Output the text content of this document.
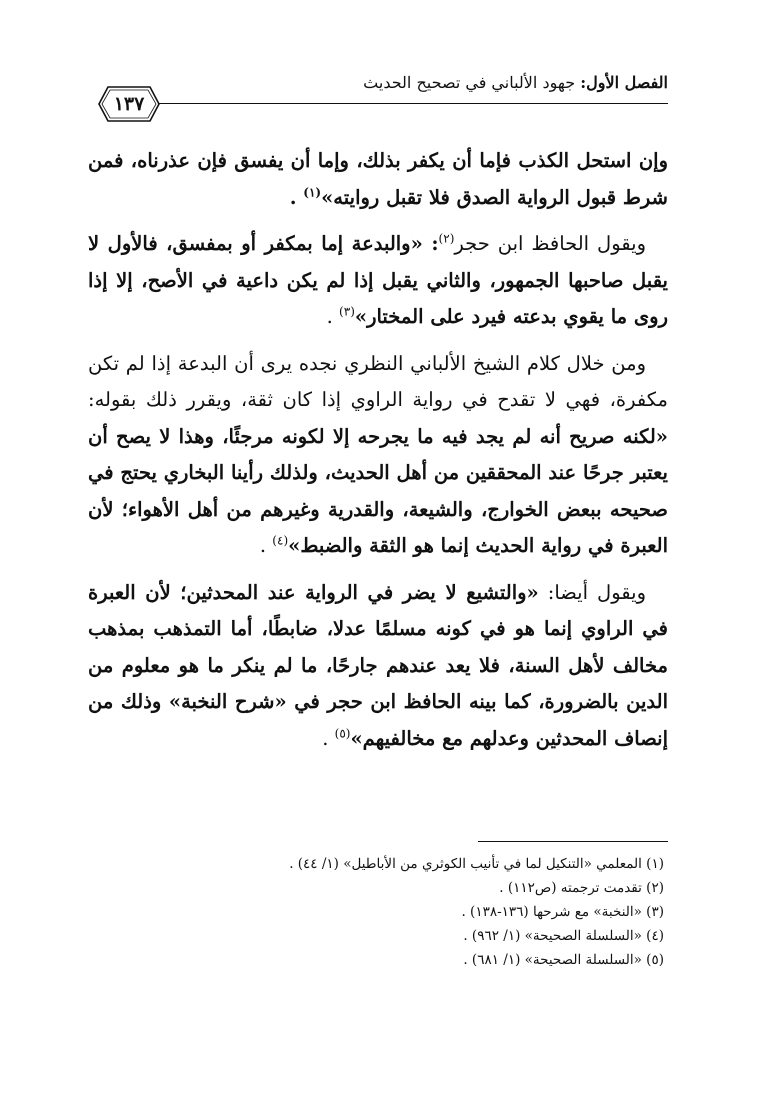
الفصل الأول: جهود الألباني في تصحيح الحديث
١٣٧

وإن استحل الكذب فإما أن يكفر بذلك، وإما أن يفسق فإن عذرناه، فمن شرط قبول الرواية الصدق فلا تقبل روايته»$^{(١)}$ .

ويقول الحافظ ابن حجر$^{(٢)}$: «والبدعة إما بمكفر أو بمفسق، فالأول لا يقبل صاحبها الجمهور، والثاني يقبل إذا لم يكن داعية في الأصح، إلا إذا روى ما يقوي بدعته فيرد على المختار»$^{(٣)}$ .

ومن خلال كلام الشيخ الألباني النظري نجده يرى أن البدعة إذا لم تكن مكفرة، فهي لا تقدح في رواية الراوي إذا كان ثقة، ويقرر ذلك بقوله: «لكنه صريح أنه لم يجد فيه ما يجرحه إلا لكونه مرجئًا، وهذا لا يصح أن يعتبر جرحًا عند المحققين من أهل الحديث، ولذلك رأينا البخاري يحتج في صحيحه ببعض الخوارج، والشيعة، والقدرية وغيرهم من أهل الأهواء؛ لأن العبرة في رواية الحديث إنما هو الثقة والضبط»$^{(٤)}$ .

ويقول أيضا: «والتشيع لا يضر في الرواية عند المحدثين؛ لأن العبرة في الراوي إنما هو في كونه مسلمًا عدلا، ضابطًا، أما التمذهب بمذهب مخالف لأهل السنة، فلا يعد عندهم جارحًا، ما لم ينكر ما هو معلوم من الدين بالضرورة، كما بينه الحافظ ابن حجر في «شرح النخبة» وذلك من إنصاف المحدثين وعدلهم مع مخالفيهم»$^{(٥)}$ .

(١) المعلمي «التنكيل لما في تأنيب الكوثري من الأباطيل» (١/ ٤٤) .
(٢) تقدمت ترجمته (ص١١٢) .
(٣) «النخبة» مع شرحها (١٣٦-١٣٨) .
(٤) «السلسلة الصحيحة» (١/ ٩٦٢) .
(٥) «السلسلة الصحيحة» (١/ ٦٨١) .
